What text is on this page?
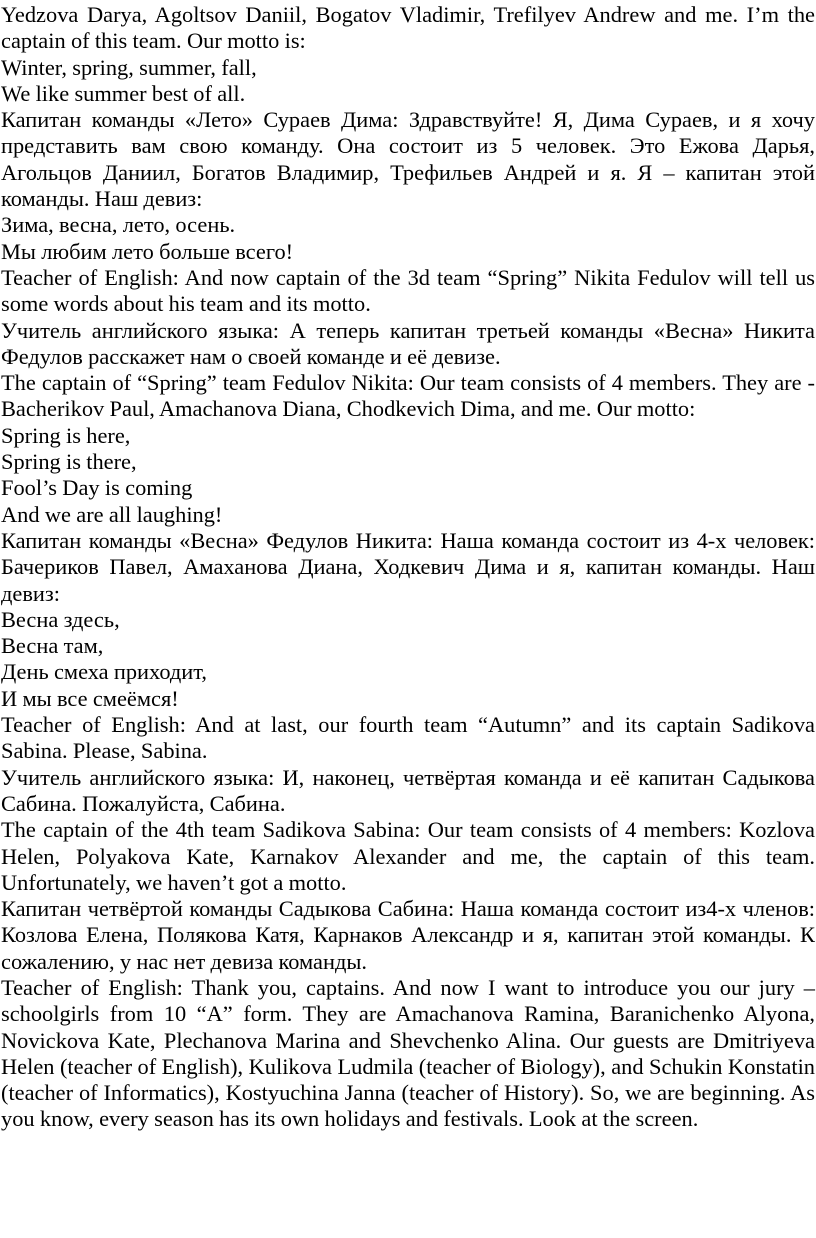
Yedzova Darya, Agoltsov Daniil, Bogatov Vladimir, Trefilyev Andrew and me. I’m the captain of this team. Our motto is:

Winter, spring, summer, fall,

We like summer best of all.

Капитан команды «Лето» Сураев Дима: Здравствуйте! Я, Дима Сураев, и я хочу представить вам свою команду. Она состоит из 5 человек. Это Ежова Дарья, Агольцов Даниил, Богатов Владимир, Трефильев Андрей и я. Я – капитан этой команды. Наш девиз:

Зима, весна, лето, осень.

Мы любим лето больше всего!

Teacher of English: And now captain of the 3d team “Spring” Nikita Fedulov will tell us some words about his team and its motto.

Учитель английского языка: А теперь капитан третьей команды «Весна» Никита Федулов расскажет нам о своей команде и её девизе.

The captain of “Spring” team Fedulov Nikita: Our team consists of 4 members. They are - Bacherikov Paul, Amachanova Diana, Chodkevich Dima, and me. Our motto:

Spring is here,

Spring is there,

Fool’s Day is coming

And we are all laughing!

Капитан команды «Весна» Федулов Никита: Наша команда состоит из 4-х человек: Бачериков Павел, Амаханова Диана, Ходкевич Дима и я, капитан команды. Наш девиз:

Весна здесь,

Весна там,

День смеха приходит,

И мы все смеёмся!

Teacher of English: And at last, our fourth team “Autumn” and its captain Sadikova Sabina. Please, Sabina.

Учитель английского языка: И, наконец, четвёртая команда и её капитан Садыкова Сабина. Пожалуйста, Сабина.

The captain of the 4th team Sadikova Sabina: Our team consists of 4 members: Kozlova Helen, Polyakova Kate, Karnakov Alexander and me, the captain of this team. Unfortunately, we haven’t got a motto.

Капитан четвёртой команды Садыкова Сабина: Наша команда состоит из4-х членов: Козлова Елена, Полякова Катя, Карнаков Александр и я, капитан этой команды. К сожалению, у нас нет девиза команды.

Teacher of English: Thank you, captains. And now I want to introduce you our jury – schoolgirls from 10 “A” form. They are Amachanova Ramina, Baranichenko Alyona, Novickova Kate, Plechanova Marina and Shevchenko Alina. Our guests are Dmitriyeva Helen (teacher of English), Kulikova Ludmila (teacher of Biology), and Schukin Konstatin (teacher of Informatics), Kostyuchina Janna (teacher of History). So, we are beginning. As you know, every season has its own holidays and festivals. Look at the screen.
